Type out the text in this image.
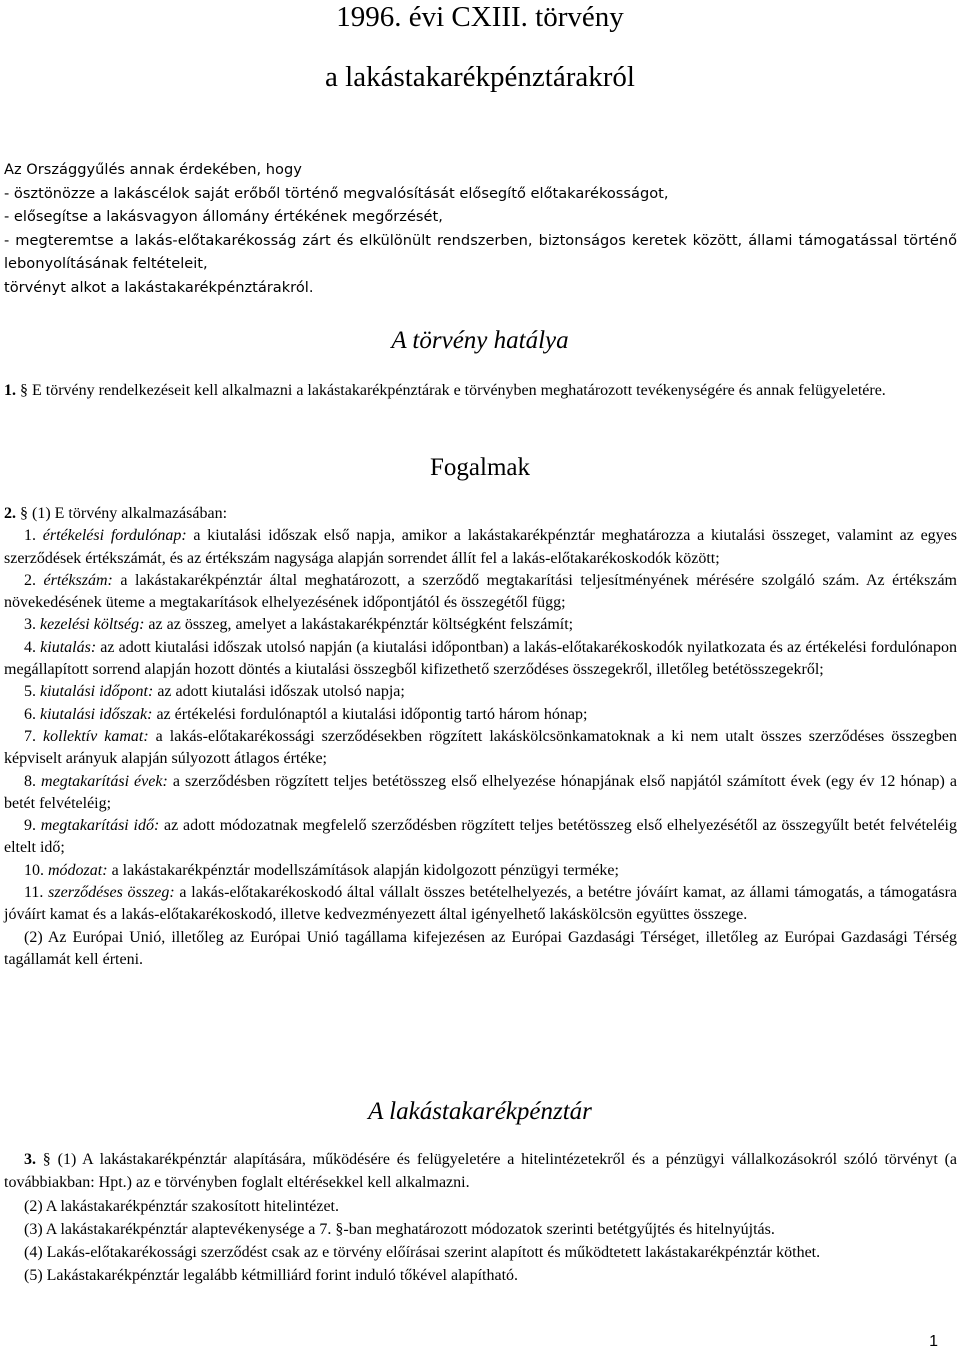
1996. évi CXIII. törvény
a lakástakarékpénztárakról

Az Országgyűlés annak érdekében, hogy

- ösztönözze a lakáscélok saját erőből történő megvalósítását elősegítő előtakarékosságot,

- elősegítse a lakásvagyon állomány értékének megőrzését,

- megteremtse a lakás-előtakarékosság zárt és elkülönült rendszerben, biztonságos keretek között, állami támogatással történő lebonyolításának feltételeit,

törvényt alkot a lakástakarékpénztárakról.

A törvény hatálya

1. § E törvény rendelkezéseit kell alkalmazni a lakástakarékpénztárak e törvényben meghatározott tevékenységére és annak felügyeletére.

Fogalmak

2. § (1) E törvény alkalmazásában:

1. értékelési fordulónap: a kiutalási időszak első napja, amikor a lakástakarékpénztár meghatározza a kiutalási összeget, valamint az egyes szerződések értékszámát, és az értékszám nagysága alapján sorrendet állít fel a lakás-előtakarékoskodók között;

2. értékszám: a lakástakarékpénztár által meghatározott, a szerződő megtakarítási teljesítményének mérésére szolgáló szám. Az értékszám növekedésének üteme a megtakarítások elhelyezésének időpontjától és összegétől függ;

3. kezelési költség: az az összeg, amelyet a lakástakarékpénztár költségként felszámít;

4. kiutalás: az adott kiutalási időszak utolsó napján (a kiutalási időpontban) a lakás-előtakarékoskodók nyilatkozata és az értékelési fordulónapon megállapított sorrend alapján hozott döntés a kiutalási összegből kifizethető szerződéses összegekről, illetőleg betétösszegekről;

5. kiutalási időpont: az adott kiutalási időszak utolsó napja;

6. kiutalási időszak: az értékelési fordulónaptól a kiutalási időpontig tartó három hónap;

7. kollektív kamat: a lakás-előtakarékossági szerződésekben rögzített lakáskölcsönkamatoknak a ki nem utalt összes szerződéses összegben képviselt arányuk alapján súlyozott átlagos értéke;

8. megtakarítási évek: a szerződésben rögzített teljes betétösszeg első elhelyezése hónapjának első napjától számított évek (egy év 12 hónap) a betét felvételéig;

9. megtakarítási idő: az adott módozatnak megfelelő szerződésben rögzített teljes betétösszeg első elhelyezésétől az összegyűlt betét felvételéig eltelt idő;

10. módozat: a lakástakarékpénztár modellszámítások alapján kidolgozott pénzügyi terméke;

11. szerződéses összeg: a lakás-előtakarékoskodó által vállalt összes betételhelyezés, a betétre jóváírt kamat, az állami támogatás, a támogatásra jóváírt kamat és a lakás-előtakarékoskodó, illetve kedvezményezett által igényelhető lakáskölcsön együttes összege.

(2) Az Európai Unió, illetőleg az Európai Unió tagállama kifejezésen az Európai Gazdasági Térséget, illetőleg az Európai Gazdasági Térség tagállamát kell érteni.

A lakástakarékpénztár

3. § (1) A lakástakarékpénztár alapítására, működésére és felügyeletére a hitelintézetekről és a pénzügyi vállalkozásokról szóló törvényt (a továbbiakban: Hpt.) az e törvényben foglalt eltérésekkel kell alkalmazni.

(2) A lakástakarékpénztár szakosított hitelintézet.

(3) A lakástakarékpénztár alaptevékenysége a 7. §-ban meghatározott módozatok szerinti betétgyűjtés és hitelnyújtás.

(4) Lakás-előtakarékossági szerződést csak az e törvény előírásai szerint alapított és működtetett lakástakarékpénztár köthet.

(5) Lakástakarékpénztár legalább kétmilliárd forint induló tőkével alapítható.

1
